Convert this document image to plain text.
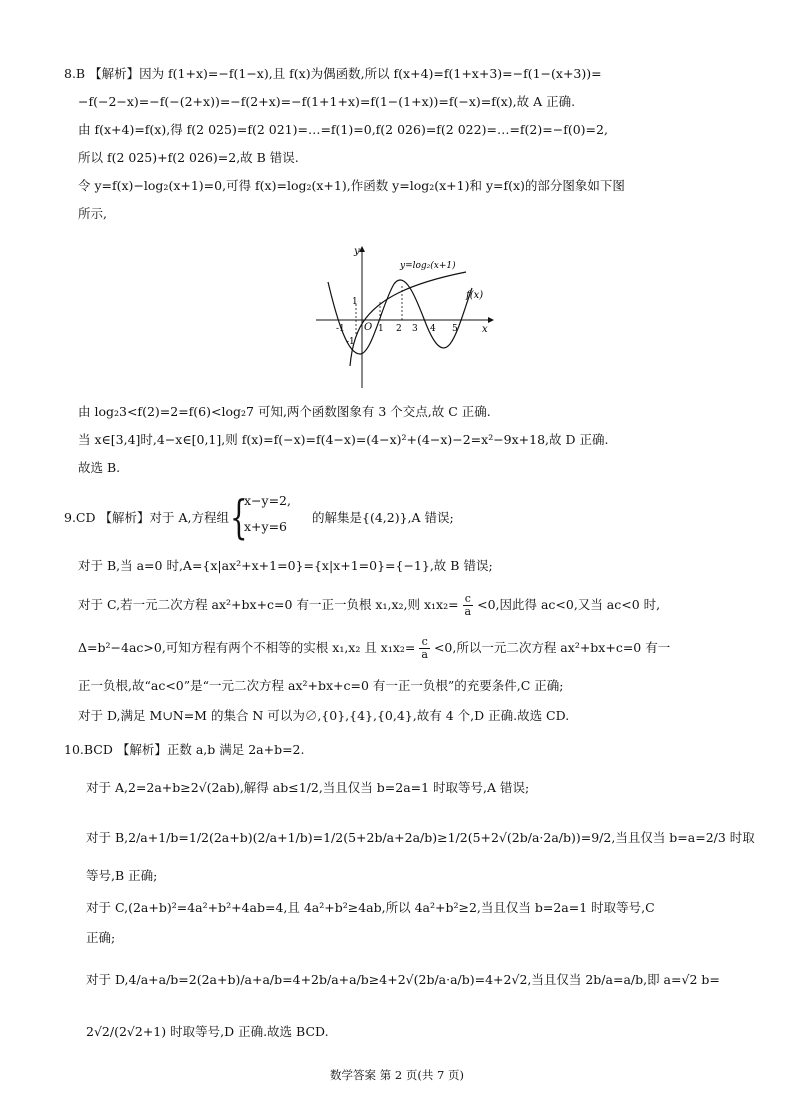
8.B 【解析】因为 f(1+x)=−f(1−x),且 f(x)为偶函数,所以 f(x+4)=f(1+x+3)=−f(1−(x+3))=
−f(−2−x)=−f(−(2+x))=−f(2+x)=−f(1+1+x)=f(1−(1+x))=f(−x)=f(x),故 A 正确.
由 f(x+4)=f(x),得 f(2 025)=f(2 021)=…=f(1)=0,f(2 026)=f(2 022)=…=f(2)=−f(0)=2,
所以 f(2 025)+f(2 026)=2,故 B 错误.
令 y=f(x)−log₂(x+1)=0,可得 f(x)=log₂(x+1),作函数 y=log₂(x+1)和 y=f(x)的部分图象如下图
所示,
y
x
y=log₂(x+1)
f(x)
O
-1	1 2 3 4 5
1
-1
由 log₂3<f(2)=2=f(6)<log₂7 可知,两个函数图象有 3 个交点,故 C 正确.
当 x∈[3,4]时,4−x∈[0,1],则 f(x)=f(−x)=f(4−x)=(4−x)²+(4−x)−2=x²−9x+18,故 D 正确.
故选 B.
9.CD 【解析】对于 A,方程组 {
x−y=2,
x+y=6
的解集是{(4,2)},A 错误;
对于 B,当 a=0 时,A={x|ax²+x+1=0}={x|x+1=0}={−1},故 B 错误;
对于 C,若一元二次方程 ax²+bx+c=0 有一正一负根 x₁,x₂,则 $x_1x_2= \frac{c}{a} <0$,因此得 ac<0,又当 ac<0 时,
Δ=b²−4ac>0,可知方程有两个不相等的实根 x₁,x₂ 且 $x_1x_2= \frac{c}{a} <0$,所以一元二次方程 ax²+bx+c=0 有一
正一负根,故“ac<0”是“一元二次方程 ax²+bx+c=0 有一正一负根”的充要条件,C 正确;
对于 D,满足 M∪N=M 的集合 N 可以为∅,{0},{4},{0,4},故有 4 个,D 正确.故选 CD.
10.BCD 【解析】正数 a,b 满足 2a+b=2.
对于 A,2=2a+b≥2√(2ab),解得 ab≤1/2,当且仅当 b=2a=1 时取等号,A 错误;
对于 B,2/a+1/b=1/2(2a+b)(2/a+1/b)=1/2(5+2b/a+2a/b)≥1/2(5+2√(2b/a·2a/b))=9/2,当且仅当 b=a=2/3 时取
等号,B 正确;
对于 C,(2a+b)²=4a²+b²+4ab=4,且 4a²+b²≥4ab,所以 4a²+b²≥2,当且仅当 b=2a=1 时取等号,C
正确;
对于 D,4/a+a/b=2(2a+b)/a+a/b=4+2b/a+a/b≥4+2√(2b/a·a/b)=4+2√2,当且仅当 2b/a=a/b,即 a=√2 b=
2√2/(2√2+1) 时取等号,D 正确.故选 BCD.
数学答案 第 2 页(共 7 页)
